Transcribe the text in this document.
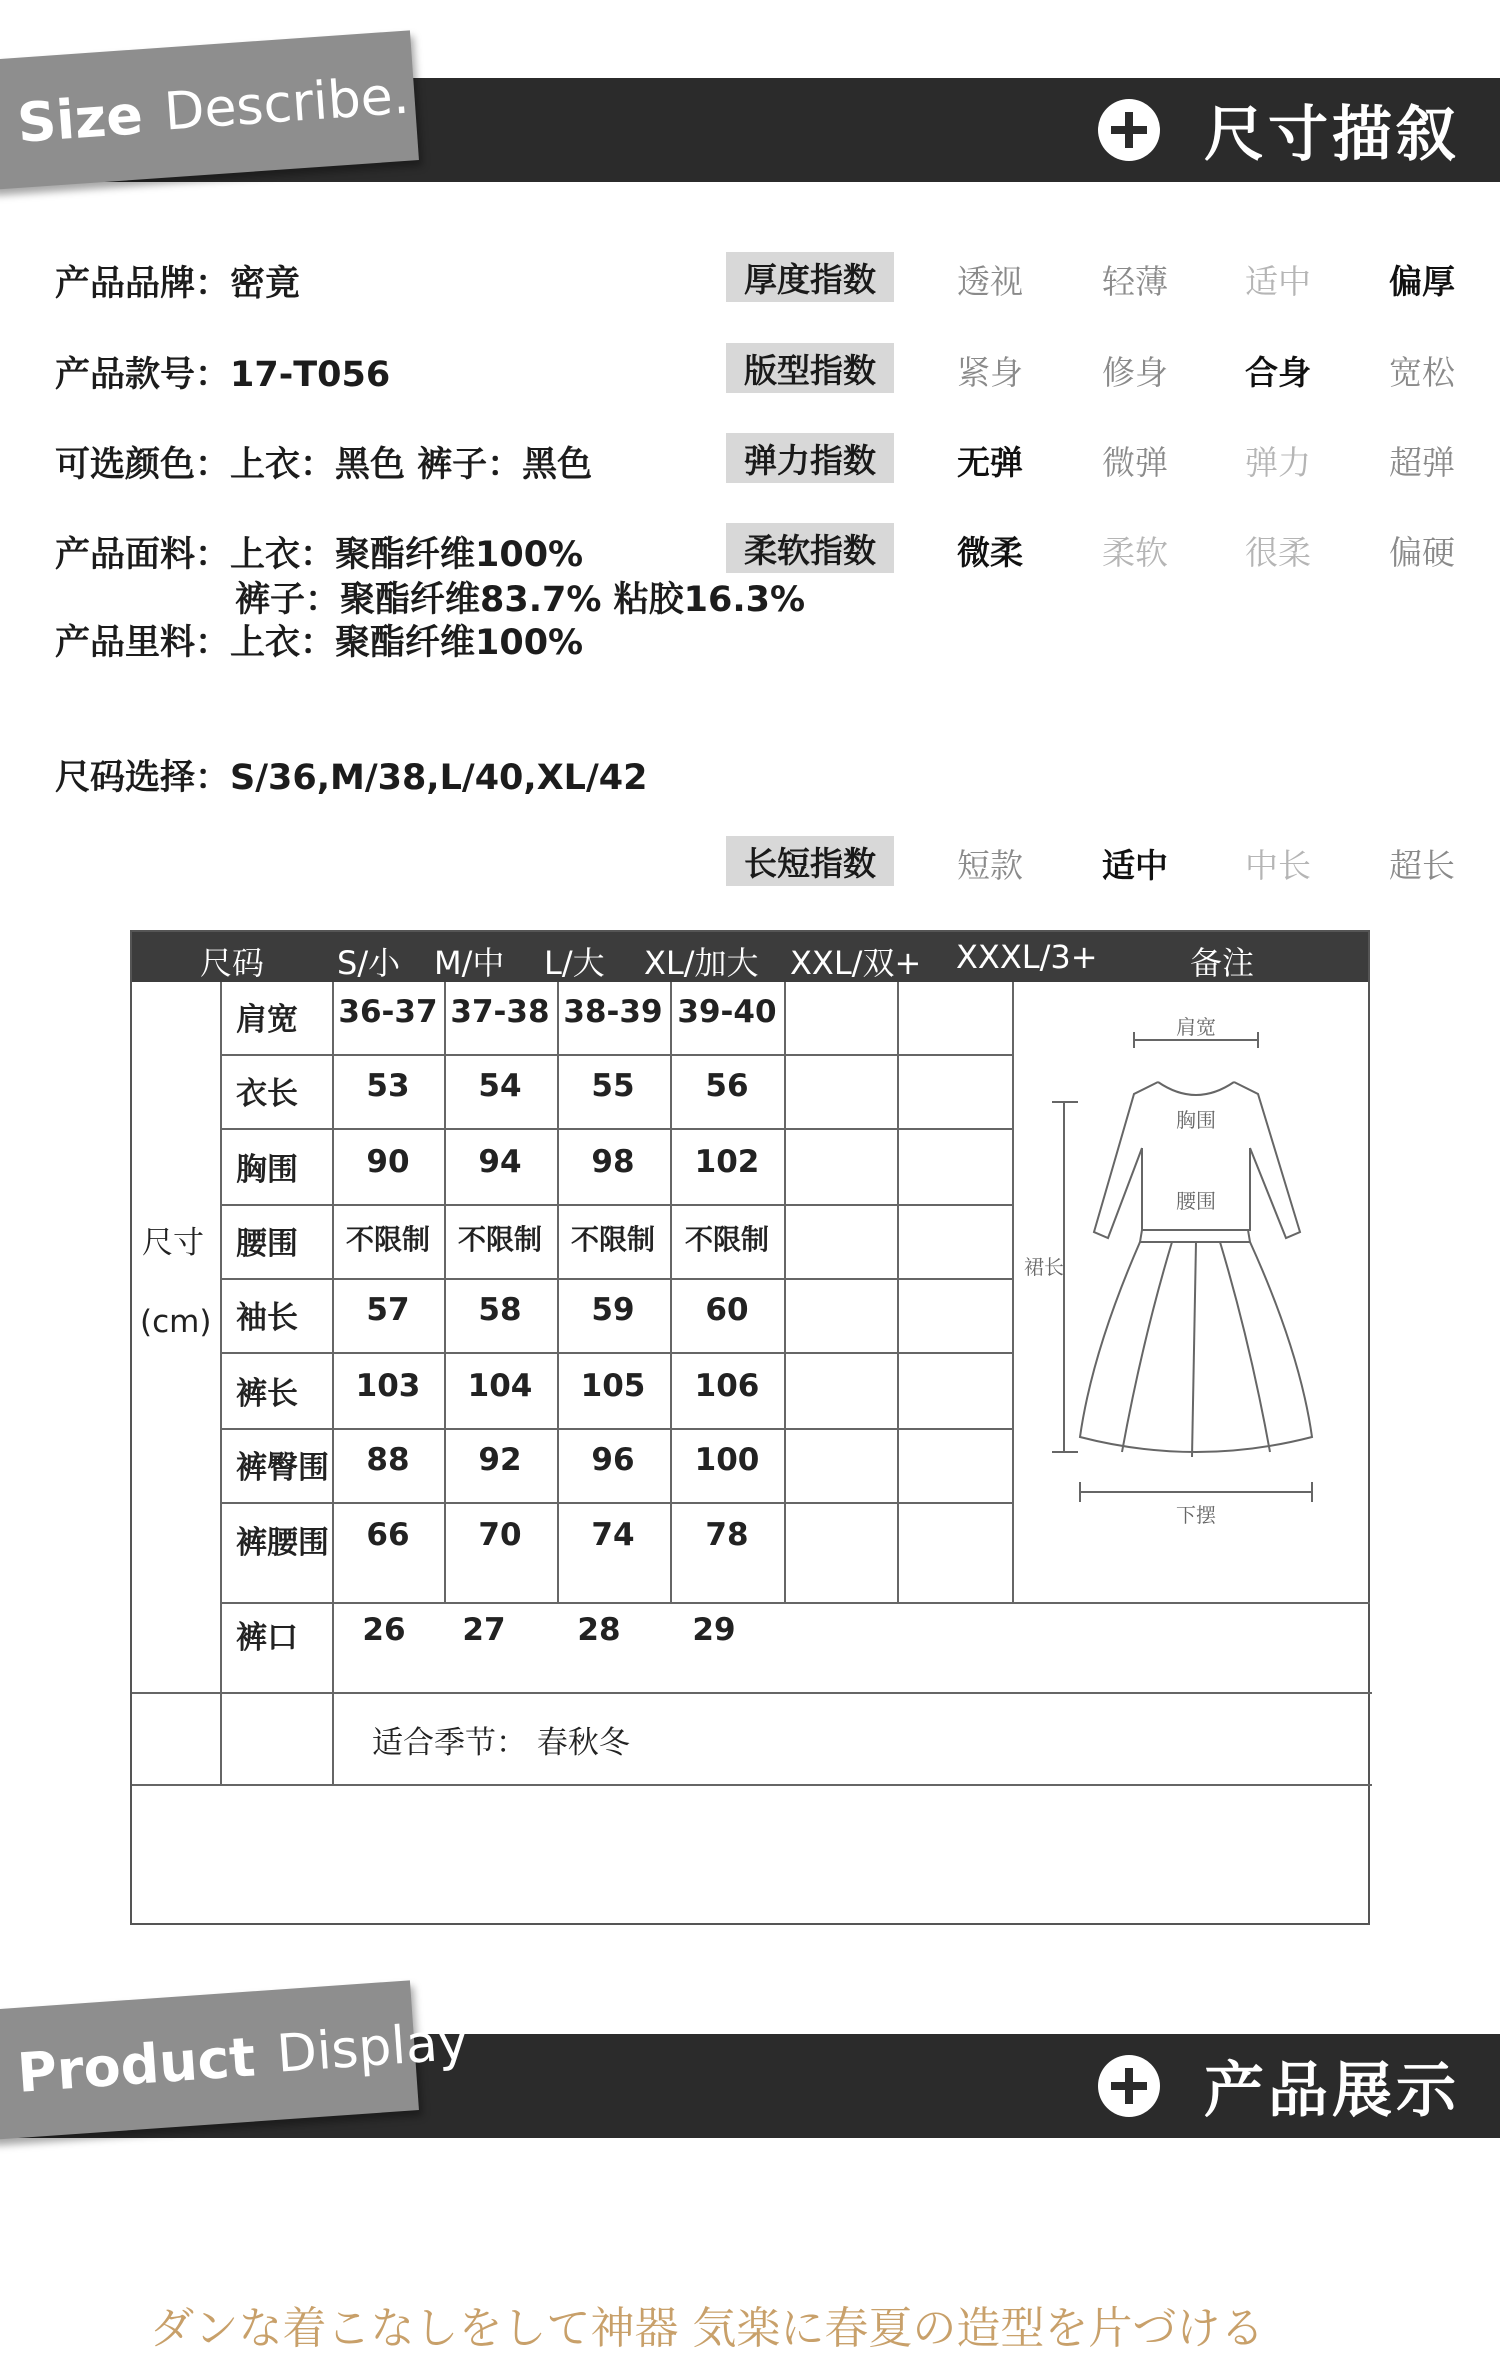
尺寸描叙
Size Describe.
产品品牌：密竟
产品款号：17-T056
可选颜色：上衣：黑色 裤子：黑色
产品面料：上衣：聚酯纤维100%
裤子：聚酯纤维83.7% 粘胶16.3%
产品里料：上衣：聚酯纤维100%
尺码选择：S/36,M/38,L/40,XL/42
厚度指数	透视	轻薄	适中	偏厚
版型指数	紧身	修身	合身	宽松
弹力指数	无弹	微弹	弹力	超弹
柔软指数	微柔	柔软	很柔	偏硬
长短指数	短款	适中	中长	超长
尺码 S/小 M/中 L/大 XL/加大 XXL/双+ XXXL/3+	备注
尺寸
(cm)
肩宽 36-37 37-38 38-39 39-40
衣长	53	54	55	56
胸围	90	94	98	102
腰围	不限制 不限制	不限制	不限制
袖长	57	58	59	60
裤长	103	104	105	106
裤臀围	88	92	96	100
裤腰围	66	70	74	78
裤口	26	27	28	29
适合季节： 春秋冬
肩宽
胸围
腰围
裙长
下摆
产品展示
Product Display
ダンな着こなしをして神器 気楽に春夏の造型を片づける
